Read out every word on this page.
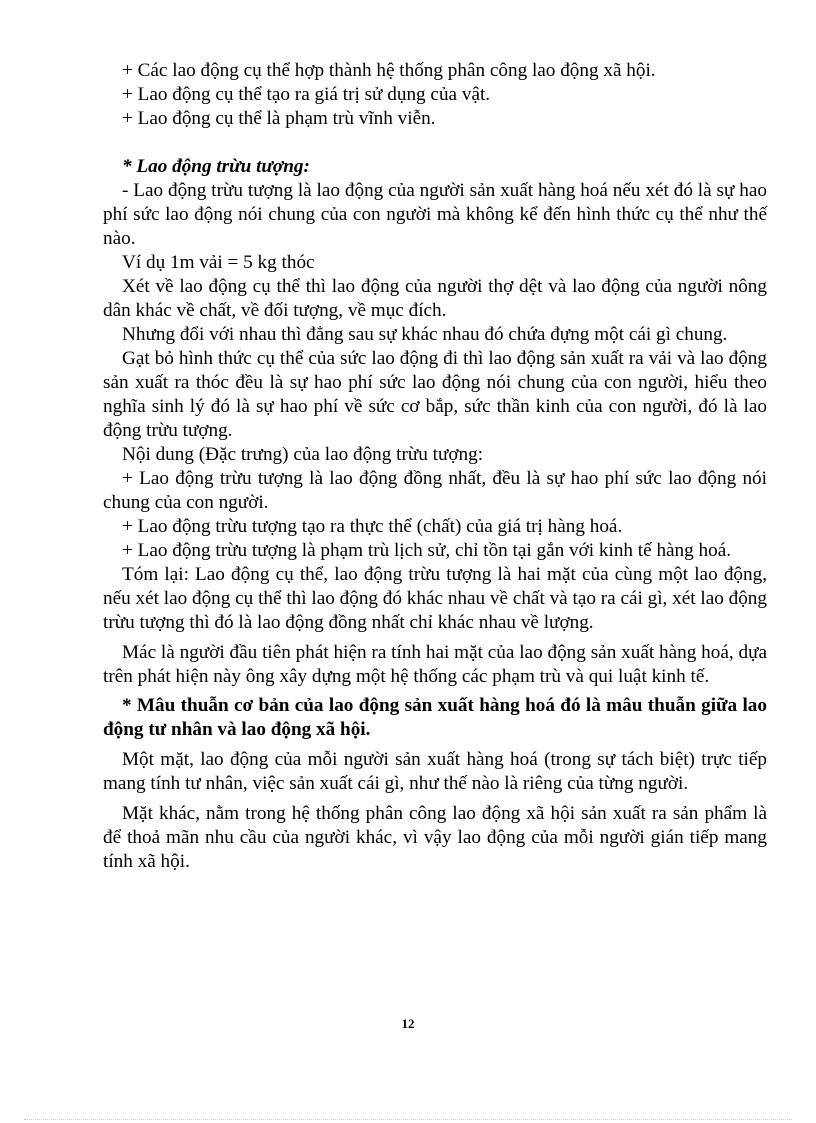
+ Các lao động cụ thể hợp thành hệ thống phân công lao động xã hội.

+ Lao động cụ thể tạo ra giá trị sử dụng của vật.

+ Lao động cụ thể là phạm trù vĩnh viễn.

* Lao động trừu tượng:

- Lao động trừu tượng là lao động của người sản xuất hàng hoá nếu xét đó là sự hao phí sức lao động nói chung của con người mà không kể đến hình thức cụ thể như thế nào.

Ví dụ 1m vải = 5 kg thóc

Xét về lao động cụ thể thì lao động của người thợ dệt và lao động của người nông dân khác về chất, về đối tượng, về mục đích.

Nhưng đổi với nhau thì đẳng sau sự khác nhau đó chứa đựng một cái gì chung.

Gạt bỏ hình thức cụ thể của sức lao động đi thì lao động sản xuất ra vải và lao động sản xuất ra thóc đều là sự hao phí sức lao động nói chung của con người, hiểu theo nghĩa sinh lý đó là sự hao phí về sức cơ bắp, sức thần kinh của con người, đó là lao động trừu tượng.

Nội dung (Đặc trưng) của lao động trừu tượng:

+ Lao động trừu tượng là lao động đồng nhất, đều là sự hao phí sức lao động nói chung của con người.

+ Lao động trừu tượng tạo ra thực thể (chất) của giá trị hàng hoá.

+ Lao động trừu tượng là phạm trù lịch sử, chỉ tồn tại gắn với kinh tế hàng hoá.

Tóm lại: Lao động cụ thể, lao động trừu tượng là hai mặt của cùng một lao động, nếu xét lao động cụ thể thì lao động đó khác nhau về chất và tạo ra cái gì, xét lao động trừu tượng thì đó là lao động đồng nhất chỉ khác nhau về lượng.

Mác là người đầu tiên phát hiện ra tính hai mặt của lao động sản xuất hàng hoá, dựa trên phát hiện này ông xây dựng một hệ thống các phạm trù và qui luật kinh tế.

* Mâu thuẫn cơ bản của lao động sản xuất hàng hoá đó là mâu thuẫn giữa lao động tư nhân và lao động xã hội.

Một mặt, lao động của mỗi người sản xuất hàng hoá (trong sự tách biệt) trực tiếp mang tính tư nhân, việc sản xuất cái gì, như thế nào là riêng của từng người.

Mặt khác, nằm trong hệ thống phân công lao động xã hội sản xuất ra sản phẩm là để thoả mãn nhu cầu của người khác, vì vậy lao động của mỗi người gián tiếp mang tính xã hội.

12
